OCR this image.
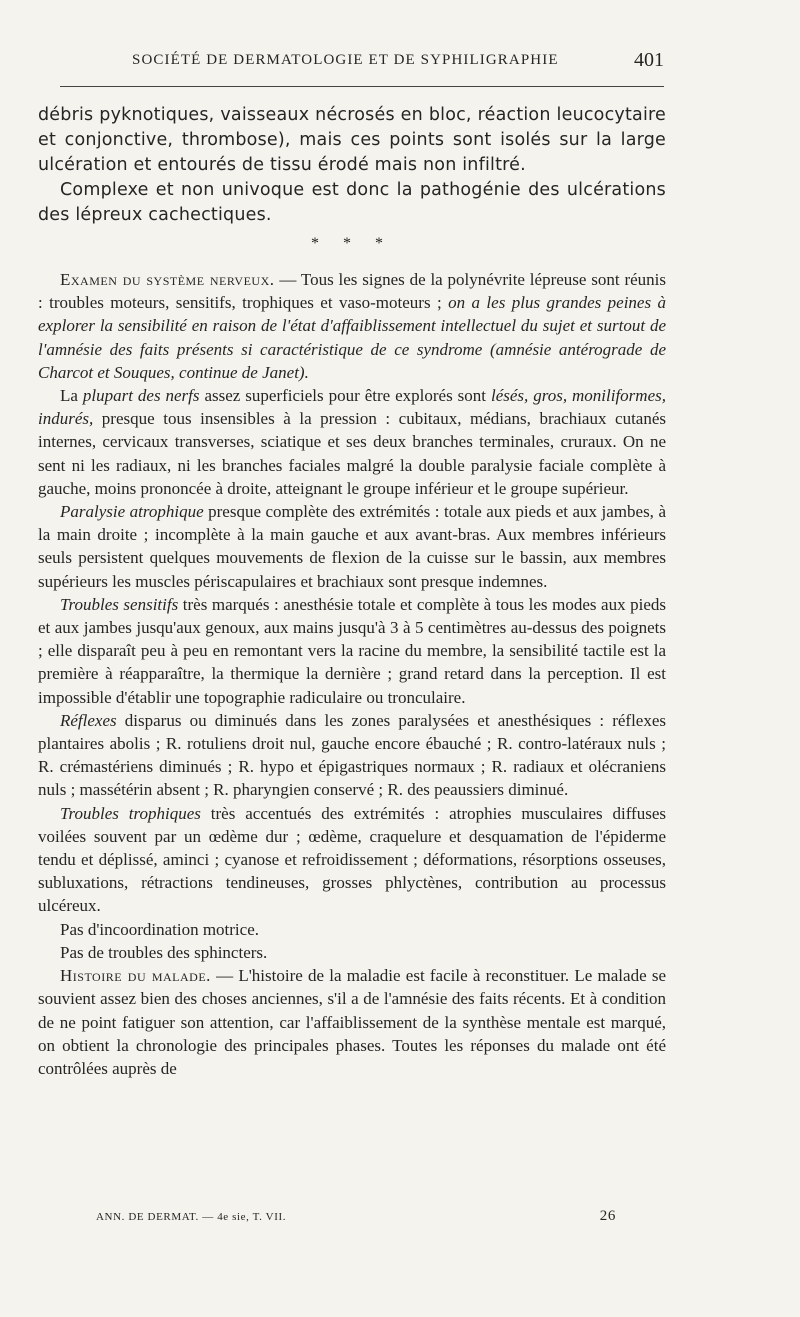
SOCIÉTÉ DE DERMATOLOGIE ET DE SYPHILIGRAPHIE	401

débris pyknotiques, vaisseaux nécrosés en bloc, réaction leucocytaire et conjonctive, thrombose), mais ces points sont isolés sur la large ulcération et entourés de tissu érodé mais non infiltré.

Complexe et non univoque est donc la pathogénie des ulcérations des lépreux cachectiques.

* * *

Examen du système nerveux. — Tous les signes de la polynévrite lépreuse sont réunis : troubles moteurs, sensitifs, trophiques et vaso-moteurs ; on a les plus grandes peines à explorer la sensibilité en raison de l'état d'affaiblissement intellectuel du sujet et surtout de l'amnésie des faits présents si caractéristique de ce syndrome (amnésie antérograde de Charcot et Souques, continue de Janet).

La plupart des nerfs assez superficiels pour être explorés sont lésés, gros, moniliformes, indurés, presque tous insensibles à la pression : cubitaux, médians, brachiaux cutanés internes, cervicaux transverses, sciatique et ses deux branches terminales, cruraux. On ne sent ni les radiaux, ni les branches faciales malgré la double paralysie faciale complète à gauche, moins prononcée à droite, atteignant le groupe inférieur et le groupe supérieur.

Paralysie atrophique presque complète des extrémités : totale aux pieds et aux jambes, à la main droite ; incomplète à la main gauche et aux avant-bras. Aux membres inférieurs seuls persistent quelques mouvements de flexion de la cuisse sur le bassin, aux membres supérieurs les muscles périscapulaires et brachiaux sont presque indemnes.

Troubles sensitifs très marqués : anesthésie totale et complète à tous les modes aux pieds et aux jambes jusqu'aux genoux, aux mains jusqu'à 3 à 5 centimètres au-dessus des poignets ; elle disparaît peu à peu en remontant vers la racine du membre, la sensibilité tactile est la première à réapparaître, la thermique la dernière ; grand retard dans la perception. Il est impossible d'établir une topographie radiculaire ou tronculaire.

Réflexes disparus ou diminués dans les zones paralysées et anesthésiques : réflexes plantaires abolis ; R. rotuliens droit nul, gauche encore ébauché ; R. contro-latéraux nuls ; R. crémastériens diminués ; R. hypo et épigastriques normaux ; R. radiaux et olécraniens nuls ; massétérin absent ; R. pharyngien conservé ; R. des peaussiers diminué.

Troubles trophiques très accentués des extrémités : atrophies musculaires diffuses voilées souvent par un œdème dur ; œdème, craquelure et desquamation de l'épiderme tendu et déplissé, aminci ; cyanose et refroidissement ; déformations, résorptions osseuses, subluxations, rétractions tendineuses, grosses phlyctènes, contribution au processus ulcéreux.

Pas d'incoordination motrice.

Pas de troubles des sphincters.

Histoire du malade. — L'histoire de la maladie est facile à reconstituer. Le malade se souvient assez bien des choses anciennes, s'il a de l'amnésie des faits récents. Et à condition de ne point fatiguer son attention, car l'affaiblissement de la synthèse mentale est marqué, on obtient la chronologie des principales phases. Toutes les réponses du malade ont été contrôlées auprès de

ANN. DE DERMAT. — 4e sie, T. VII.	26
